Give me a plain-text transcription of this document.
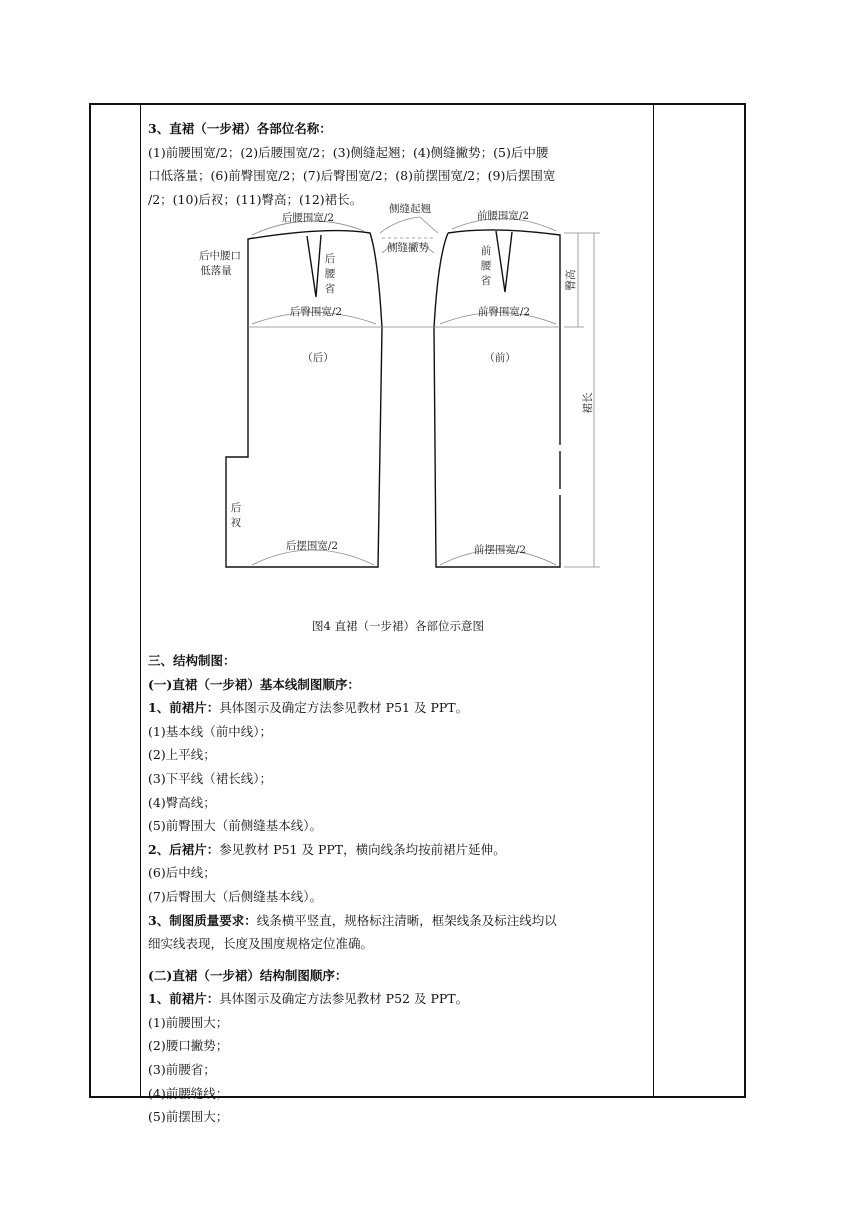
3、直裙（一步裙）各部位名称：

(1)前腰围宽/2；(2)后腰围宽/2；(3)侧缝起翘；(4)侧缝撇势；(5)后中腰

口低落量；(6)前臀围宽/2；(7)后臀围宽/2；(8)前摆围宽/2；(9)后摆围宽

/2；(10)后衩；(11)臀高；(12)裙长。

后腰围宽/2
侧缝起翘
前腰围宽/2
后中腰口
低落量
侧缝撇势
后
腰
省
前
腰
省
后臀围宽/2	前臀围宽/2
（后）	（前）
后
衩
后摆围宽/2	前摆围宽/2
臀高
裙长

图4 直裙（一步裙）各部位示意图

三、结构制图：

(一)直裙（一步裙）基本线制图顺序：

1、前裙片：具体图示及确定方法参见教材 P51 及 PPT。

(1)基本线（前中线）；

(2)上平线；

(3)下平线（裙长线）；

(4)臀高线；

(5)前臀围大（前侧缝基本线）。

2、后裙片：参见教材 P51 及 PPT，横向线条均按前裙片延伸。

(6)后中线；

(7)后臀围大（后侧缝基本线）。

3、制图质量要求：线条横平竖直，规格标注清晰，框架线条及标注线均以

细实线表现，长度及围度规格定位准确。

(二)直裙（一步裙）结构制图顺序：

1、前裙片：具体图示及确定方法参见教材 P52 及 PPT。

(1)前腰围大；

(2)腰口撇势；

(3)前腰省；

(4)前腰缝线；

(5)前摆围大；
